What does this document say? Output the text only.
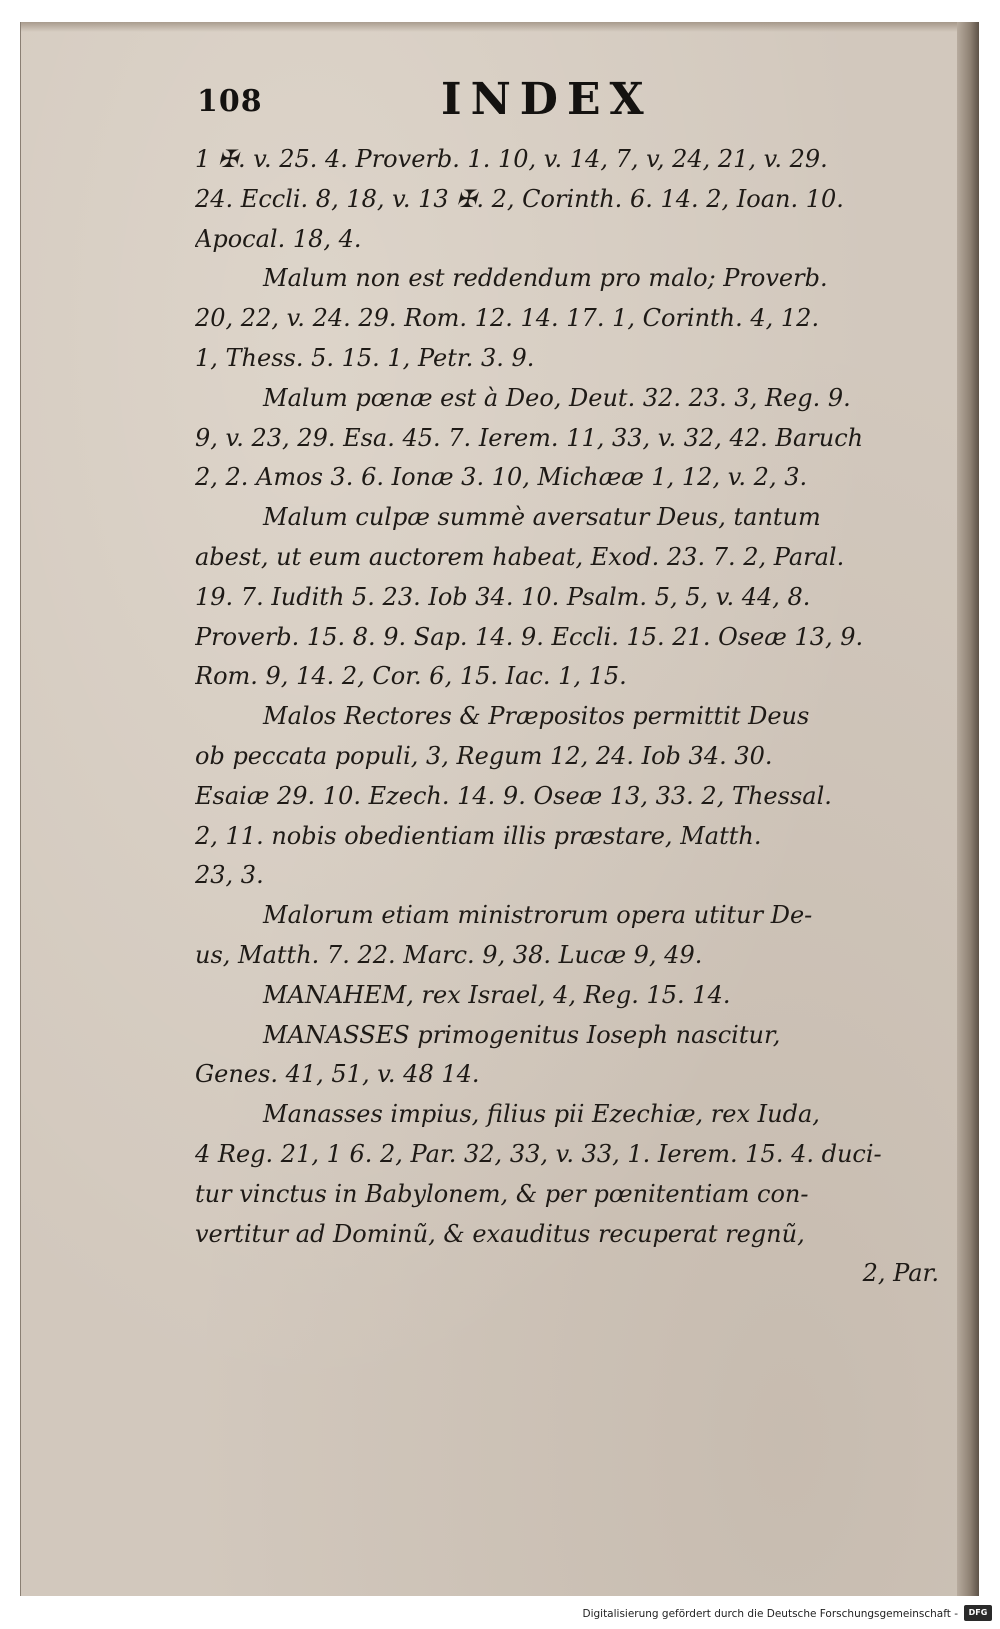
108	INDEX
1 ✠. v. 25. 4. Proverb. 1. 10, v. 14, 7, v, 24, 21, v. 29.
24. Eccli. 8, 18, v. 13 ✠. 2, Corinth. 6. 14. 2, Ioan. 10.
Apocal. 18, 4.
Malum non est reddendum pro malo; Proverb.
20, 22, v. 24. 29. Rom. 12. 14. 17. 1, Corinth. 4, 12.
1, Thess. 5. 15. 1, Petr. 3. 9.
Malum pœnæ est à Deo, Deut. 32. 23. 3, Reg. 9.
9, v. 23, 29. Esa. 45. 7. Ierem. 11, 33, v. 32, 42. Baruch
2, 2. Amos 3. 6. Ionæ 3. 10, Michææ 1, 12, v. 2, 3.
Malum culpæ summè aversatur Deus, tantum
abest, ut eum auctorem habeat, Exod. 23. 7. 2, Paral.
19. 7. Iudith 5. 23. Iob 34. 10. Psalm. 5, 5, v. 44, 8.
Proverb. 15. 8. 9. Sap. 14. 9. Eccli. 15. 21. Oseæ 13, 9.
Rom. 9, 14. 2, Cor. 6, 15. Iac. 1, 15.
Malos Rectores & Præpositos permittit Deus
ob peccata populi, 3, Regum 12, 24. Iob 34. 30.
Esaiæ 29. 10. Ezech. 14. 9. Oseæ 13, 33. 2, Thessal.
2, 11. nobis obedientiam illis præstare, Matth.
23, 3.
Malorum etiam ministrorum opera utitur De-
us, Matth. 7. 22. Marc. 9, 38. Lucæ 9, 49.
MANAHEM, rex Israel, 4, Reg. 15. 14.
MANASSES primogenitus Ioseph nascitur,
Genes. 41, 51, v. 48 14.
Manasses impius, filius pii Ezechiæ, rex Iuda,
4 Reg. 21, 1 6. 2, Par. 32, 33, v. 33, 1. Ierem. 15. 4. duci-
tur vinctus in Babylonem, & per pœnitentiam con-
vertitur ad Dominũ, & exauditus recuperat regnũ,
2, Par.
Digitalisierung gefördert durch die Deutsche Forschungsgemeinschaft -	DFG
